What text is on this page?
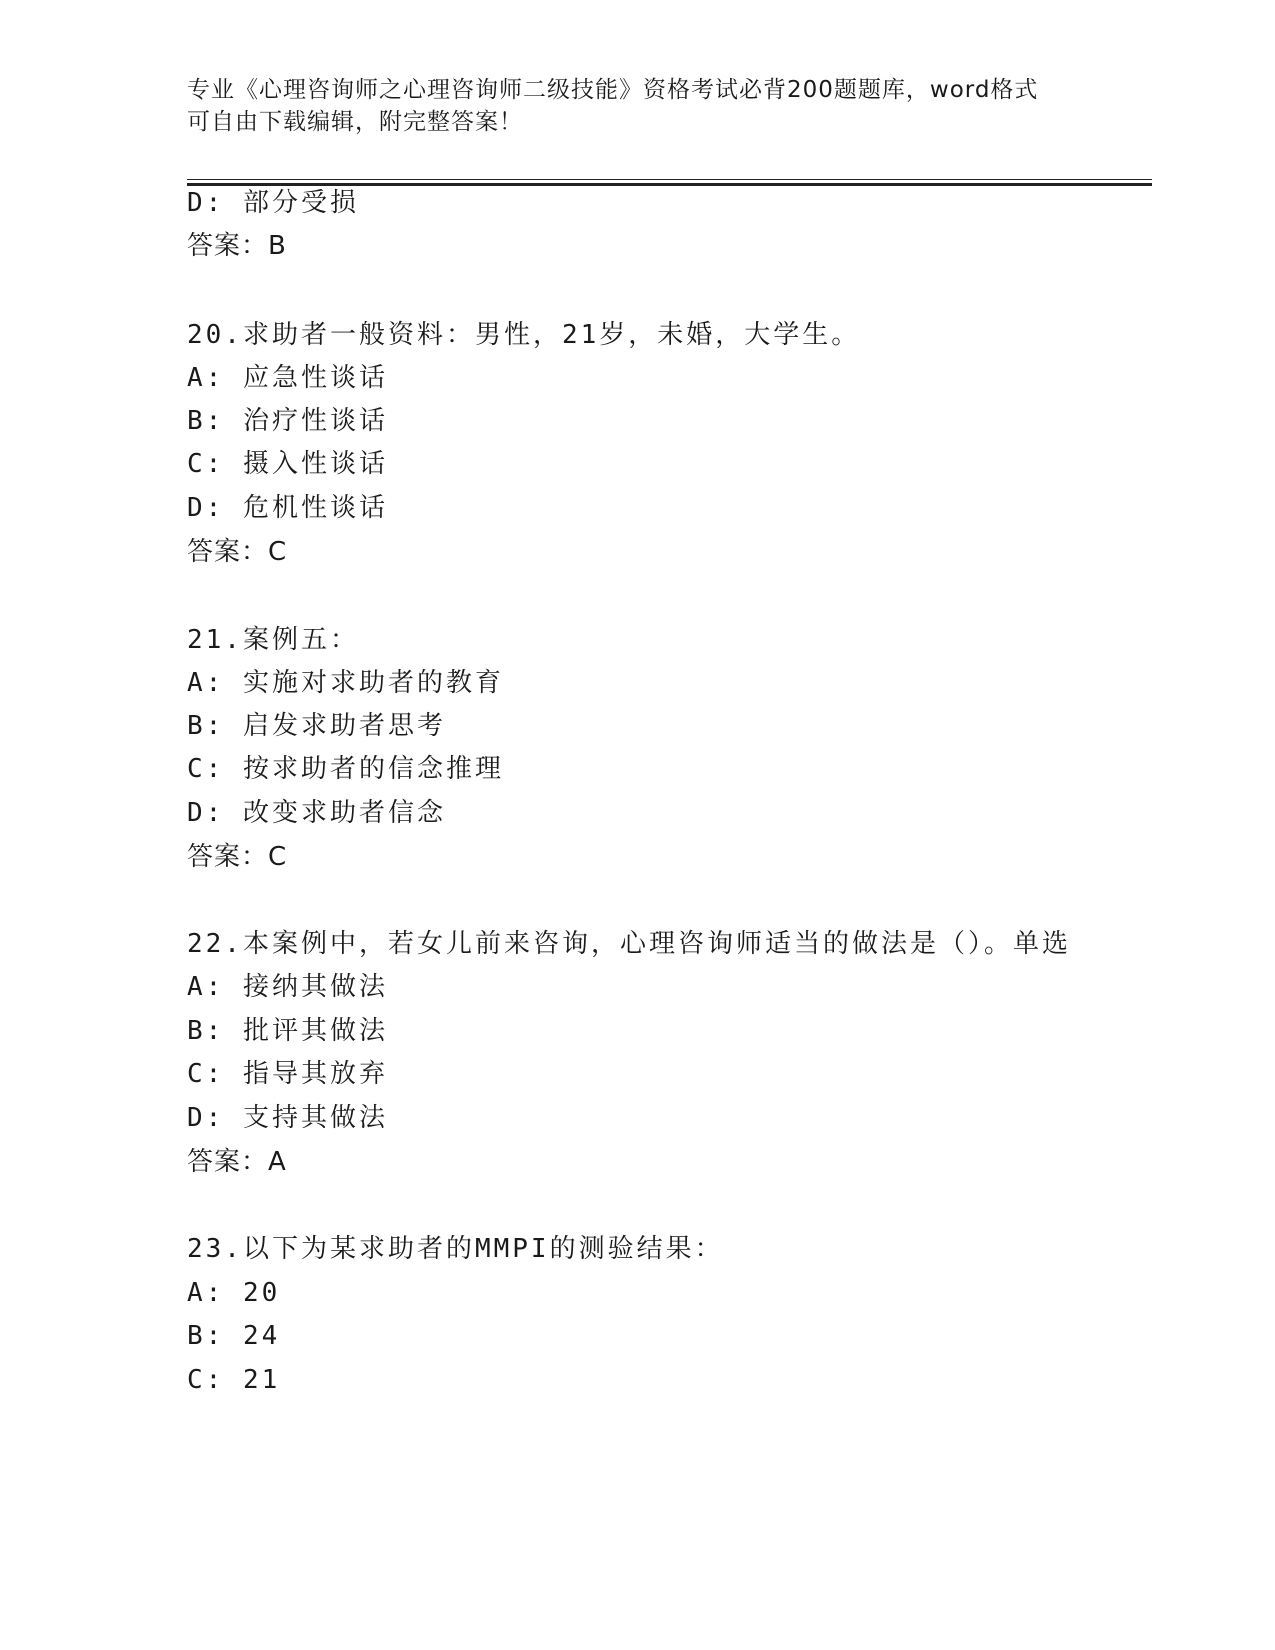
专业《心理咨询师之心理咨询师二级技能》资格考试必背200题题库，word格式
可自由下载编辑，附完整答案！
D: 部分受损
答案：B
20.求助者一般资料：男性，21岁，未婚，大学生。
A: 应急性谈话
B: 治疗性谈话
C: 摄入性谈话
D: 危机性谈话
答案：C
21.案例五：
A: 实施对求助者的教育
B: 启发求助者思考
C: 按求助者的信念推理
D: 改变求助者信念
答案：C
22.本案例中，若女儿前来咨询，心理咨询师适当的做法是（）。单选
A: 接纳其做法
B: 批评其做法
C: 指导其放弃
D: 支持其做法
答案：A
23.以下为某求助者的MMPI的测验结果：
A: 20
B: 24
C: 21
